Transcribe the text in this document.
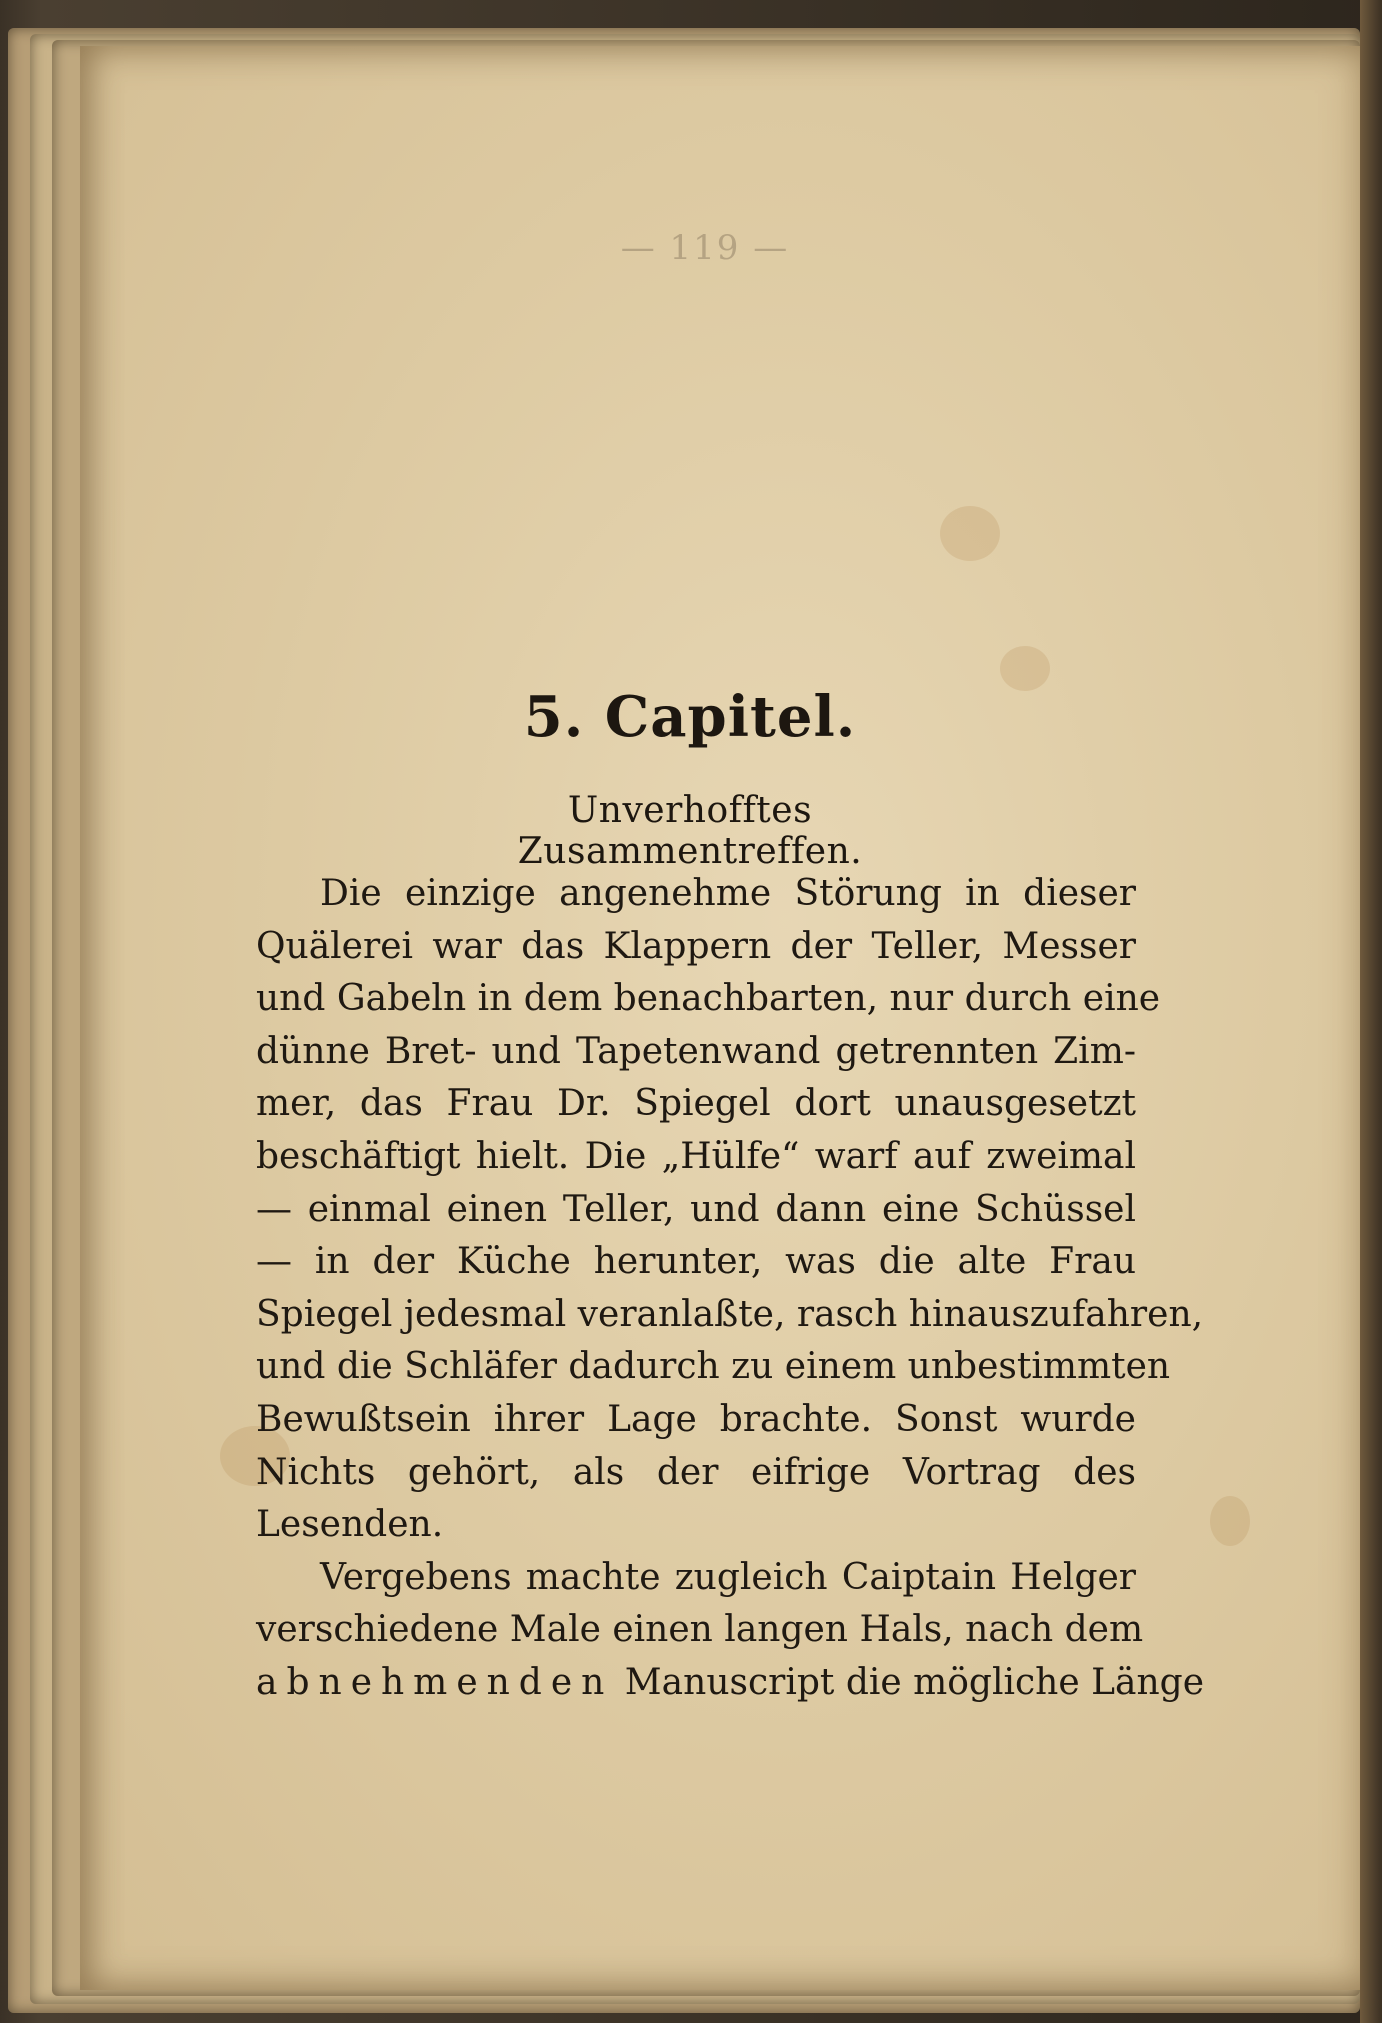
— 119 —
5. Capitel.
Unverhofftes Zusammentreffen.
Die einzige angenehme Störung in dieser
Quälerei war das Klappern der Teller, Messer
und Gabeln in dem benachbarten, nur durch eine
dünne Bret- und Tapetenwand getrennten Zim-
mer, das Frau Dr. Spiegel dort unausgesetzt
beschäftigt hielt. Die „Hülfe“ warf auf zweimal
— einmal einen Teller, und dann eine Schüssel
— in der Küche herunter, was die alte Frau
Spiegel jedesmal veranlaßte, rasch hinauszufahren,
und die Schläfer dadurch zu einem unbestimmten
Bewußtsein ihrer Lage brachte. Sonst wurde
Nichts gehört, als der eifrige Vortrag des
Lesenden.
Vergebens machte zugleich Caiptain Helger
verschiedene Male einen langen Hals, nach dem
abnehmenden Manuscript die mögliche Länge
